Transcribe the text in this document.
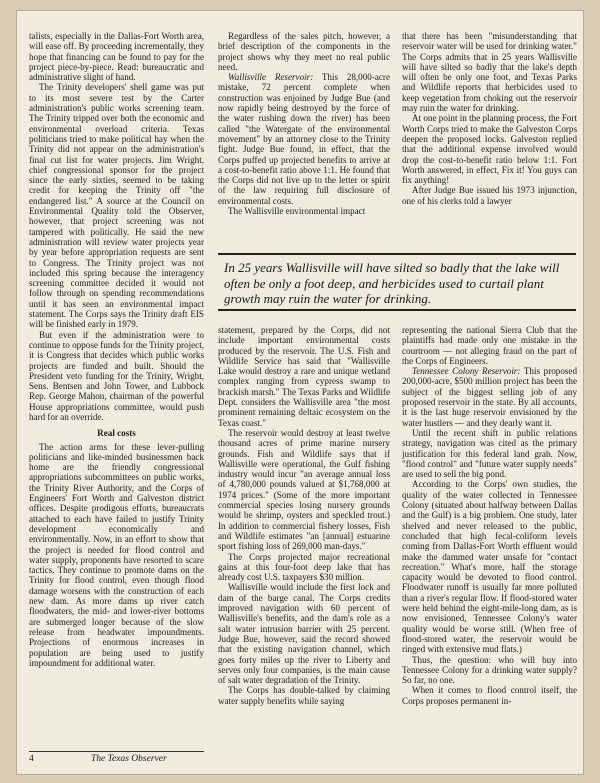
talists, especially in the Dallas-Fort Worth area, will ease off. By proceeding incrementally, they hope that financing can be found to pay for the project piece-by-piece. Read: bureaucratic and administrative slight of hand.

The Trinity developers' shell game was put to its most severe test by the Carter administration's public works screening team. The Trinity tripped over both the economic and environmental overload criteria. Texas politicians tried to make political hay when the Trinity did not appear on the administration's final cut list for water projects. Jim Wright, chief congressional sponsor for the project since the early sixties, seemed to be taking credit for keeping the Trinity off "the endangered list." A source at the Council on Environmental Quality told the Observer, however, that project screening was not tampered with politically. He said the new administration will review water projects year by year before appropriation requests are sent to Congress. The Trinity project was not included this spring because the interagency screening committee decided it would not follow through on spending recommendations until it has seen an environmental impact statement. The Corps says the Trinity draft EIS will be finished early in 1979.

But even if the administration were to continue to oppose funds for the Trinity project, it is Congress that decides which public works projects are funded and built. Should the President veto funding for the Trinity, Wright, Sens. Bentsen and John Tower, and Lubbock Rep. George Mahon, chairman of the powerful House appropriations committee, would push hard for an override.

Real costs

The action arms for these lever-pulling politicians and like-minded businessmen back home are the friendly congressional appropriations subcommittees on public works, the Trinity River Authority, and the Corps of Engineers' Fort Worth and Galveston district offices. Despite prodigous efforts, bureaucrats attached to each have failed to justify Trinity development economically and environmentally. Now, in an effort to show that the project is needed for flood control and water supply, proponents have resorted to scare tactics. They continue to promote dams on the Trinity for flood control, even though flood damage worsens with the construction of each new dam. As more dams up river catch floodwaters, the mid- and lower-river bottoms are submerged longer because of the slow release from headwater impoundments. Projections of enormous increases in population are being used to justify impoundment for additional water.

Regardless of the sales pitch, however, a brief description of the components in the project shows why they meet no real public need.

Wallisville Reservoir: This 28,000-acre mistake, 72 percent complete when construction was enjoined by Judge Bue (and now rapidly being destroyed by the force of the water rushing down the river) has been called "the Watergate of the environmental movement" by an attorney close to the Trinity fight. Judge Bue found, in effect, that the Corps puffed up projected benefits to arrive at a cost-to-benefit ratio above 1:1. He found that the Corps did not live up to the letter or spirit of the law requiring full disclosure of environmental costs.

The Wallisville environmental impact

that there has been "misunderstanding that reservoir water will be used for drinking water." The Corps admits that in 25 years Wallisville will have silted so badly that the lake's depth will often be only one foot, and Texas Parks and Wildlife reports that herbicides used to keep vegetation from choking out the reservoir may ruin the water for drinking.

At one point in the planning process, the Fort Worth Corps tried to make the Galveston Corps deepen the proposed locks. Galveston replied that the additional expense involved would drop the cost-to-benefit ratio below 1:1. Fort Worth answered, in effect, Fix it! You guys can fix anything!

After Judge Bue issued his 1973 injunction, one of his clerks told a lawyer

In 25 years Wallisville will have silted so badly that the lake will often be only a foot deep, and herbicides used to curtail plant growth may ruin the water for drinking.

statement, prepared by the Corps, did not include important environmental costs produced by the reservoir. The U.S. Fish and Wildlife Service has said that "Wallisville Lake would destroy a rare and unique wetland complex ranging from cypress swamp to brackish marsh." The Texas Parks and Wildlife Dept. considers the Wallisville area "the most prominent remaining deltaic ecosystem on the Texas coast."

The reservoir would destroy at least twelve thousand acres of prime marine nursery grounds. Fish and Wildlife says that if Wallisville were operational, the Gulf fishing industry would incur "an average annual loss of 4,780,000 pounds valued at $1,768,000 at 1974 prices." (Some of the more important commercial species losing nursery grounds would be shrimp, oysters and speckled trout.) In addition to commercial fishery losses, Fish and Wildlife estimates "an [annual] estuarine sport fishing loss of 269,000 man-days."

The Corps projected major recreational gains at this four-foot deep lake that has already cost U.S. taxpayers $30 million.

Wallisville would include the first lock and dam of the barge canal. The Corps credits improved navigation with 60 percent of Wallisville's benefits, and the dam's role as a salt water intrusion barrier with 25 percent. Judge Bue, however, said the record showed that the existing navigation channel, which goes forty miles up the river to Liberty and serves only four companies, is the main cause of salt water degradation of the Trinity.

The Corps has double-talked by claiming water supply benefits while saying

representing the national Sierra Club that the plaintiffs had made only one mistake in the courtroom — not alleging fraud on the part of the Corps of Engineers.

Tennessee Colony Reservoir: This proposed 200,000-acre, $500 million project has been the subject of the biggest selling job of any proposed reservoir in the state. By all accounts, it is the last huge reservoir envisioned by the water hustlers — and they dearly want it.

Until the recent shift in public relations strategy, navigation was cited as the primary justification for this federal land grab. Now, "flood control" and "future water supply needs" are used to sell the big pond.

According to the Corps' own studies, the quality of the water collected in Tennessee Colony (situated about halfway between Dallas and the Gulf) is a big problem. One study, later shelved and never released to the public, concluded that high fecal-coliform levels coming from Dallas-Fort Worth effluent would make the dammed water unsafe for "contact recreation." What's more, half the storage capacity would be devoted to flood control. Floodwater runoff is usually far more polluted than a river's regular flow. If flood-stored water were held behind the eight-mile-long dam, as is now envisioned, Tennessee Colony's water quality would be worse still. (When free of flood-stored water, the reservoir would be ringed with extensive mud flats.)

Thus, the question: who will buy into Tennessee Colony for a drinking water supply? So far, no one.

When it comes to flood control itself, the Corps proposes permanent in-

4	The Texas Observer
